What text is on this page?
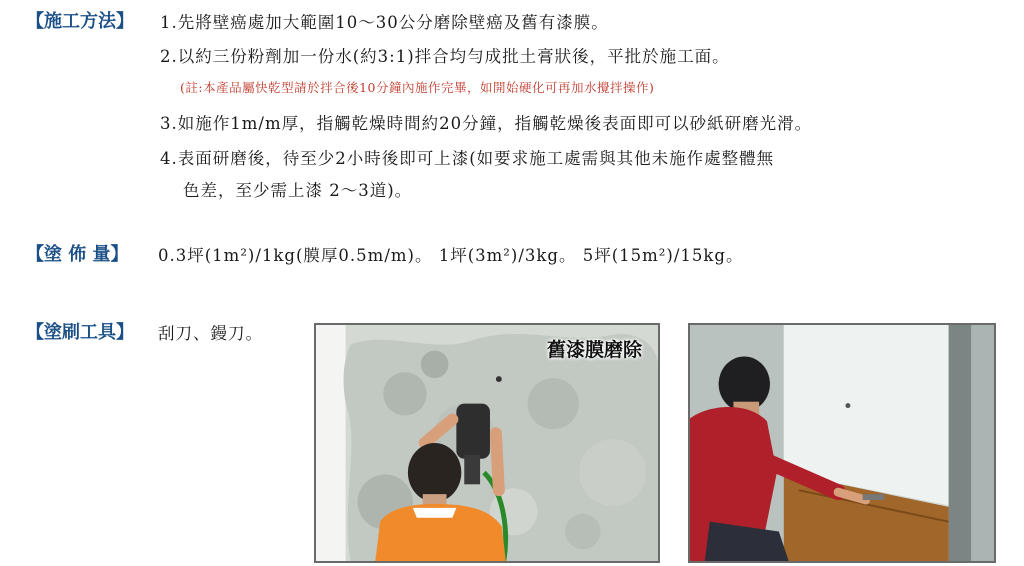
【施工方法】 1.先將壁癌處加大範圍10～30公分磨除壁癌及舊有漆膜。
2.以約三份粉劑加一份水(約3:1)拌合均勻成批土膏狀後，平批於施工面。
(註:本產品屬快乾型請於拌合後10分鐘內施作完畢，如開始硬化可再加水攪拌操作)
3.如施作1m/m厚，指觸乾燥時間約20分鐘，指觸乾燥後表面即可以砂紙研磨光滑。
4.表面研磨後，待至少2小時後即可上漆(如要求施工處需與其他未施作處整體無
色差，至少需上漆 2～3道)。
【塗 佈 量】 0.3坪(1m²)/1kg(膜厚0.5m/m)。 1坪(3m²)/3kg。 5坪(15m²)/15kg。
【塗刷工具】 刮刀、鏝刀。
舊漆膜磨除
